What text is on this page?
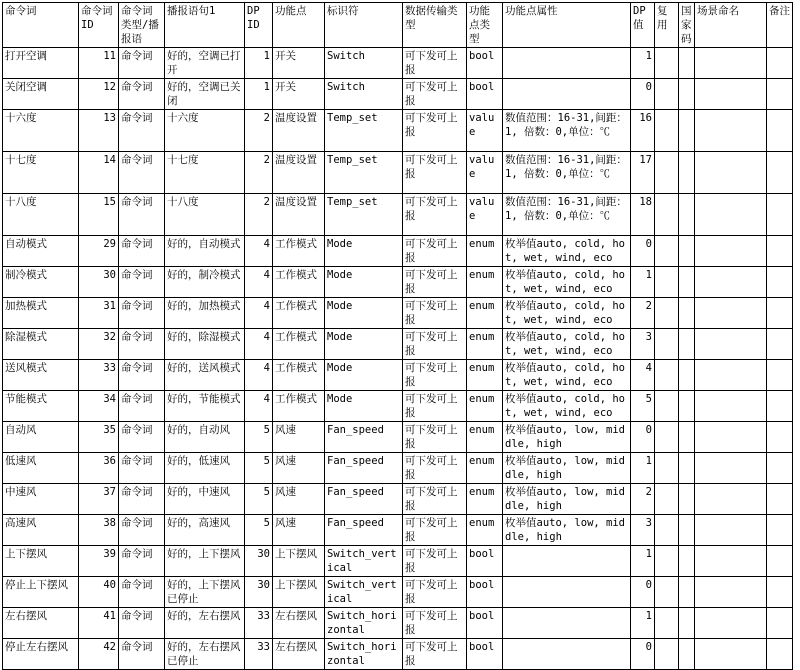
命令词	命令词ID	命令词类型/播报语	播报语句1	DP ID	功能点	标识符	数据传输类型	功能点类型	功能点属性	DP值	复用	国家码	场景命名	备注
打开空调	11	命令词	好的，空调已打开	1	开关	Switch	可下发可上报	bool		1				
关闭空调	12	命令词	好的，空调已关闭	1	开关	Switch	可下发可上报	bool		0				
十六度	13	命令词	十六度	2	温度设置	Temp_set	可下发可上报	value	数值范围：16-31,间距：1, 倍数：0,单位：℃	16				
十七度	14	命令词	十七度	2	温度设置	Temp_set	可下发可上报	value	数值范围：16-31,间距：1, 倍数：0,单位：℃	17				
十八度	15	命令词	十八度	2	温度设置	Temp_set	可下发可上报	value	数值范围：16-31,间距：1, 倍数：0,单位：℃	18				
自动模式	29	命令词	好的，自动模式	4	工作模式	Mode	可下发可上报	enum	枚举值auto, cold, hot, wet, wind, eco	0				
制冷模式	30	命令词	好的，制冷模式	4	工作模式	Mode	可下发可上报	enum	枚举值auto, cold, hot, wet, wind, eco	1				
加热模式	31	命令词	好的，加热模式	4	工作模式	Mode	可下发可上报	enum	枚举值auto, cold, hot, wet, wind, eco	2				
除湿模式	32	命令词	好的，除湿模式	4	工作模式	Mode	可下发可上报	enum	枚举值auto, cold, hot, wet, wind, eco	3				
送风模式	33	命令词	好的，送风模式	4	工作模式	Mode	可下发可上报	enum	枚举值auto, cold, hot, wet, wind, eco	4				
节能模式	34	命令词	好的，节能模式	4	工作模式	Mode	可下发可上报	enum	枚举值auto, cold, hot, wet, wind, eco	5				
自动风	35	命令词	好的，自动风	5	风速	Fan_speed	可下发可上报	enum	枚举值auto, low, middle, high	0				
低速风	36	命令词	好的，低速风	5	风速	Fan_speed	可下发可上报	enum	枚举值auto, low, middle, high	1				
中速风	37	命令词	好的，中速风	5	风速	Fan_speed	可下发可上报	enum	枚举值auto, low, middle, high	2				
高速风	38	命令词	好的，高速风	5	风速	Fan_speed	可下发可上报	enum	枚举值auto, low, middle, high	3				
上下摆风	39	命令词	好的，上下摆风	30	上下摆风	Switch_vertical	可下发可上报	bool		1				
停止上下摆风	40	命令词	好的，上下摆风已停止	30	上下摆风	Switch_vertical	可下发可上报	bool		0				
左右摆风	41	命令词	好的，左右摆风	33	左右摆风	Switch_horizontal	可下发可上报	bool		1				
停止左右摆风	42	命令词	好的，左右摆风已停止	33	左右摆风	Switch_horizontal	可下发可上报	bool		0				
